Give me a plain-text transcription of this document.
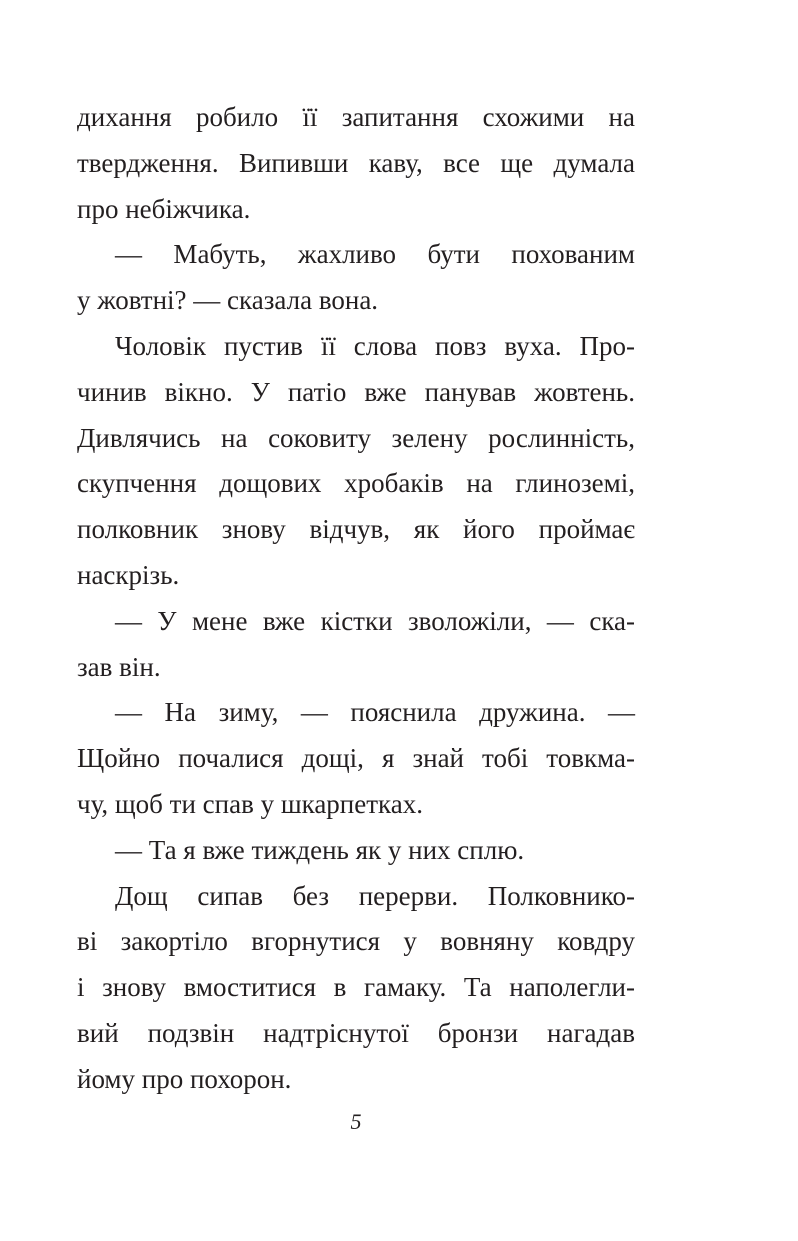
дихання робило її запитання схожими на
твердження. Випивши каву, все ще думала
про небіжчика.
— Мабуть, жахливо бути похованим
у жовтні? — сказала вона.
Чоловік пустив її слова повз вуха. Про-
чинив вікно. У патіо вже панував жовтень.
Дивлячись на соковиту зелену рослинність,
скупчення дощових хробаків на глиноземі,
полковник знову відчув, як його проймає
наскрізь.
— У мене вже кістки зволожіли, — ска-
зав він.
— На зиму, — пояснила дружина. —
Щойно почалися дощі, я знай тобі товкма-
чу, щоб ти спав у шкарпетках.
— Та я вже тиждень як у них сплю.
Дощ сипав без перерви. Полковнико-
ві закортіло вгорнутися у вовняну ковдру
і знову вмоститися в гамаку. Та наполегли-
вий подзвін надтріснутої бронзи нагадав
йому про похорон.
5
